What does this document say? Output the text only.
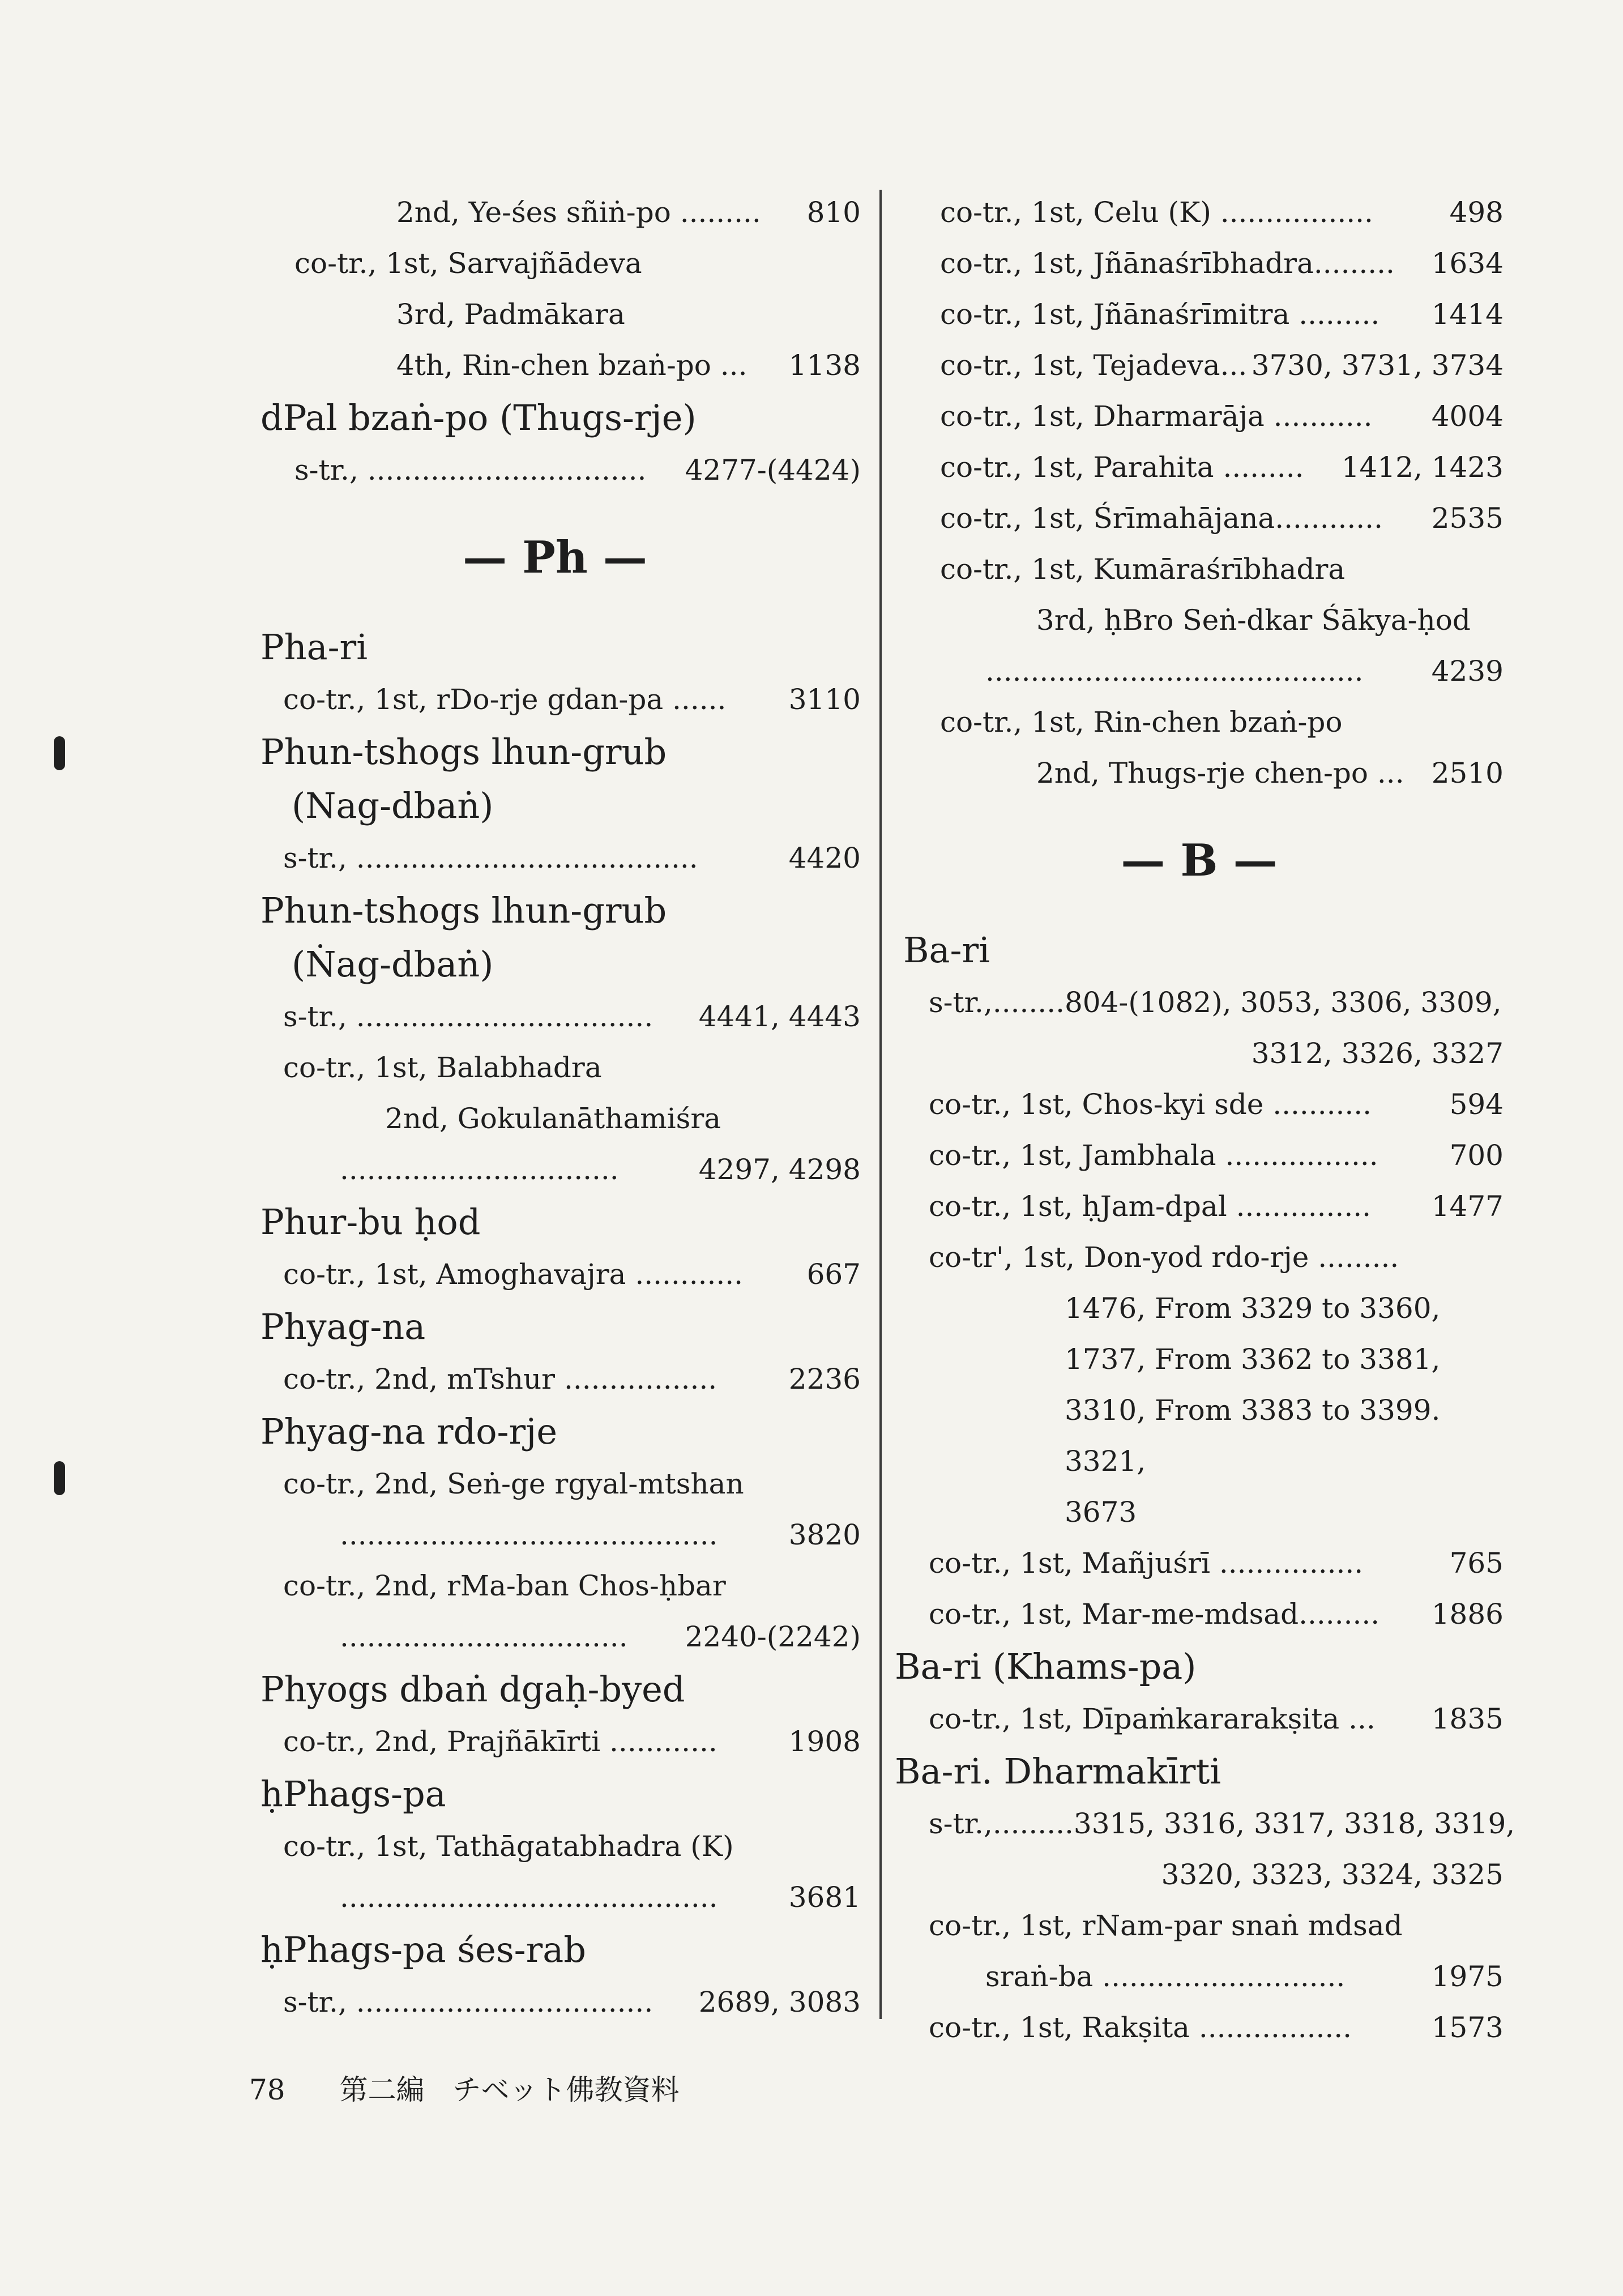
2nd, Ye-śes sñiṅ-po ......... 810
co-tr., 1st, Sarvajñādeva
3rd, Padmākara
4th, Rin-chen bzaṅ-po ... 1138
dPal bzaṅ-po (Thugs-rje)
s-tr., ............................... 4277-(4424)
— Ph —
Pha-ri
co-tr., 1st, rDo-rje gdan-pa ...... 3110
Phun-tshogs lhun-grub
(Nag-dbaṅ)
s-tr., ......................................	4420
Phun-tshogs lhun-grub
(Ṅag-dbaṅ)
s-tr., ................................. 4441, 4443
co-tr., 1st, Balabhadra
2nd, Gokulanāthamiśra
...............................	4297, 4298
Phur-bu ḥod
co-tr., 1st, Amoghavajra ............ 667
Phyag-na
co-tr., 2nd, mTshur .................	2236
Phyag-na rdo-rje
co-tr., 2nd, Seṅ-ge rgyal-mtshan
..........................................	3820
co-tr., 2nd, rMa-ban Chos-ḥbar
................................ 2240-(2242)
Phyogs dbaṅ dgaḥ-byed
co-tr., 2nd, Prajñākīrti ............	1908
ḥPhags-pa
co-tr., 1st, Tathāgatabhadra (K)
..........................................	3681
ḥPhags-pa śes-rab
s-tr., ................................. 2689, 3083
co-tr., 1st, Celu (K) .................	498
co-tr., 1st, Jñānaśrībhadra......... 1634
co-tr., 1st, Jñānaśrīmitra ......... 1414
co-tr., 1st, Tejadeva... 3730, 3731, 3734
co-tr., 1st, Dharmarāja ........... 4004
co-tr., 1st, Parahita ......... 1412, 1423
co-tr., 1st, Śrīmahājana............ 2535
co-tr., 1st, Kumāraśrībhadra
3rd, ḥBro Seṅ-dkar Śākya-ḥod
.......................................... 4239
co-tr., 1st, Rin-chen bzaṅ-po
2nd, Thugs-rje chen-po ... 2510
— B —
Ba-ri
s-tr.,........804-(1082), 3053, 3306, 3309,
3312, 3326, 3327
co-tr., 1st, Chos-kyi sde ...........	594
co-tr., 1st, Jambhala .................	700
co-tr., 1st, ḥJam-dpal ............... 1477
co-tr', 1st, Don-yod rdo-rje .........
1476, From 3329 to 3360,
1737, From 3362 to 3381,
3310, From 3383 to 3399.
3321,
3673
co-tr., 1st, Mañjuśrī ................	765
co-tr., 1st, Mar-me-mdsad......... 1886
Ba-ri (Khams-pa)
co-tr., 1st, Dīpaṁkararakṣita ... 1835
Ba-ri. Dharmakīrti
s-tr.,.........3315, 3316, 3317, 3318, 3319,
3320, 3323, 3324, 3325
co-tr., 1st, rNam-par snaṅ mdsad
sraṅ-ba ...........................	1975
co-tr., 1st, Rakṣita .................	1573
78 第二編　チベット佛教資料
